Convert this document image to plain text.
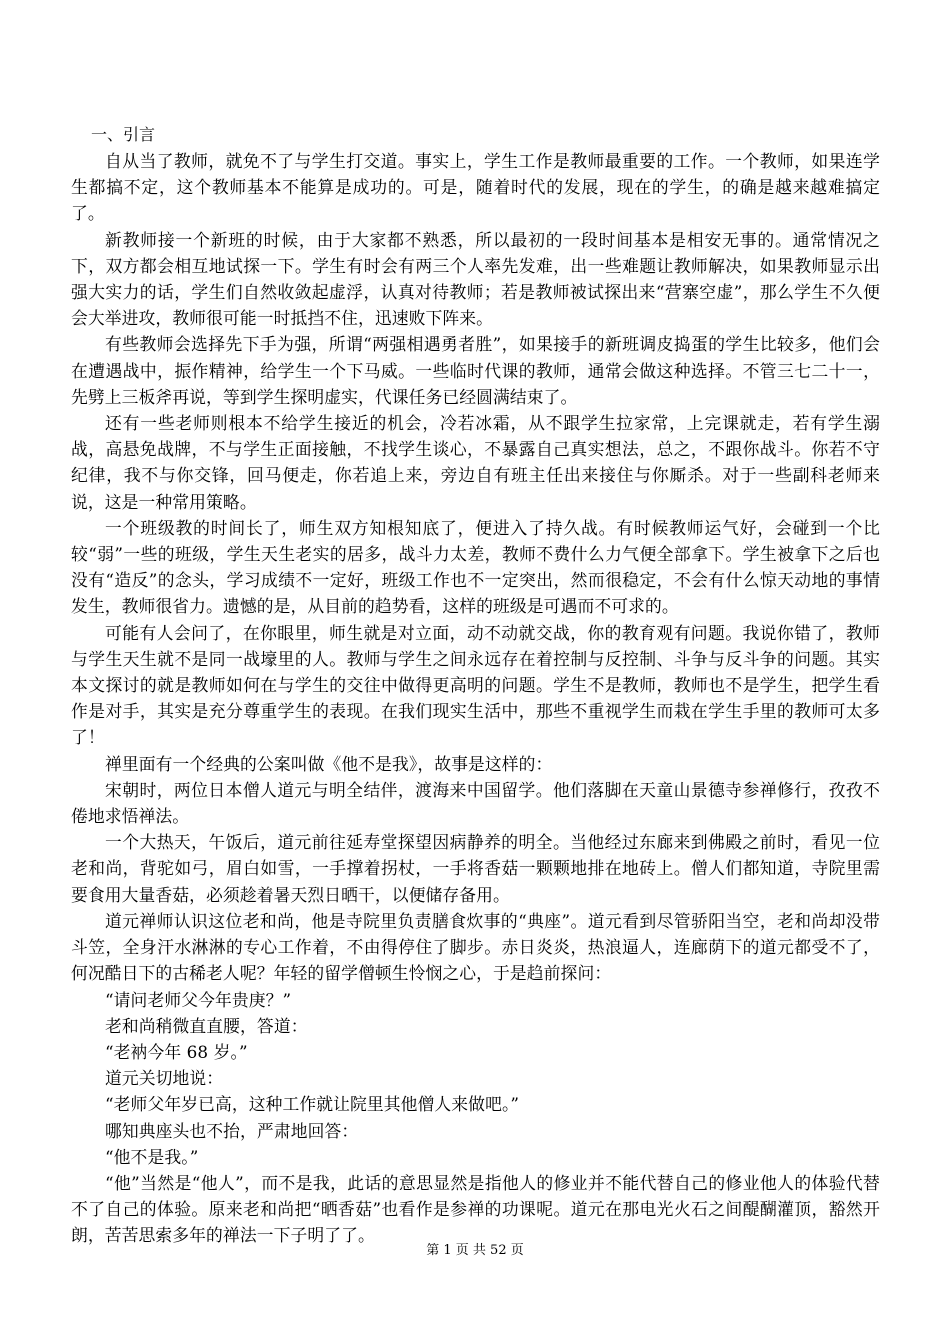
一、引言

自从当了教师，就免不了与学生打交道。事实上，学生工作是教师最重要的工作。一个教师，如果连学生都搞不定，这个教师基本不能算是成功的。可是，随着时代的发展，现在的学生，的确是越来越难搞定了。

新教师接一个新班的时候，由于大家都不熟悉，所以最初的一段时间基本是相安无事的。通常情况之下，双方都会相互地试探一下。学生有时会有两三个人率先发难，出一些难题让教师解决，如果教师显示出强大实力的话，学生们自然收敛起虚浮，认真对待教师；若是教师被试探出来“营寨空虚”，那么学生不久便会大举进攻，教师很可能一时抵挡不住，迅速败下阵来。

有些教师会选择先下手为强，所谓“两强相遇勇者胜”，如果接手的新班调皮捣蛋的学生比较多，他们会在遭遇战中，振作精神，给学生一个下马威。一些临时代课的教师，通常会做这种选择。不管三七二十一，先劈上三板斧再说，等到学生探明虚实，代课任务已经圆满结束了。

还有一些老师则根本不给学生接近的机会，冷若冰霜，从不跟学生拉家常，上完课就走，若有学生溺战，高悬免战牌，不与学生正面接触，不找学生谈心，不暴露自己真实想法，总之，不跟你战斗。你若不守纪律，我不与你交锋，回马便走，你若追上来，旁边自有班主任出来接住与你厮杀。对于一些副科老师来说，这是一种常用策略。

一个班级教的时间长了，师生双方知根知底了，便进入了持久战。有时候教师运气好，会碰到一个比较“弱”一些的班级，学生天生老实的居多，战斗力太差，教师不费什么力气便全部拿下。学生被拿下之后也没有“造反”的念头，学习成绩不一定好，班级工作也不一定突出，然而很稳定，不会有什么惊天动地的事情发生，教师很省力。遗憾的是，从目前的趋势看，这样的班级是可遇而不可求的。

可能有人会问了，在你眼里，师生就是对立面，动不动就交战，你的教育观有问题。我说你错了，教师与学生天生就不是同一战壕里的人。教师与学生之间永远存在着控制与反控制、斗争与反斗争的问题。其实本文探讨的就是教师如何在与学生的交往中做得更高明的问题。学生不是教师，教师也不是学生，把学生看作是对手，其实是充分尊重学生的表现。在我们现实生活中，那些不重视学生而栽在学生手里的教师可太多了！

禅里面有一个经典的公案叫做《他不是我》，故事是这样的：

宋朝时，两位日本僧人道元与明全结伴，渡海来中国留学。他们落脚在天童山景德寺参禅修行，孜孜不倦地求悟禅法。

一个大热天，午饭后，道元前往延寿堂探望因病静养的明全。当他经过东廊来到佛殿之前时，看见一位老和尚，背驼如弓，眉白如雪，一手撑着拐杖，一手将香菇一颗颗地排在地砖上。僧人们都知道，寺院里需要食用大量香菇，必须趁着暑天烈日晒干，以便储存备用。

道元禅师认识这位老和尚，他是寺院里负责膳食炊事的“典座”。道元看到尽管骄阳当空，老和尚却没带斗笠，全身汗水淋淋的专心工作着，不由得停住了脚步。赤日炎炎，热浪逼人，连廊荫下的道元都受不了，何况酷日下的古稀老人呢？年轻的留学僧顿生怜悯之心，于是趋前探问：

“请问老师父今年贵庚？”

老和尚稍微直直腰，答道：

“老衲今年 68 岁。”

道元关切地说：

“老师父年岁已高，这种工作就让院里其他僧人来做吧。”

哪知典座头也不抬，严肃地回答：

“他不是我。”

“他”当然是“他人”，而不是我，此话的意思显然是指他人的修业并不能代替自己的修业他人的体验代替不了自己的体验。原来老和尚把“晒香菇”也看作是参禅的功课呢。道元在那电光火石之间醍醐灌顶，豁然开朗，苦苦思索多年的禅法一下子明了了。

第 1 页 共 52 页
